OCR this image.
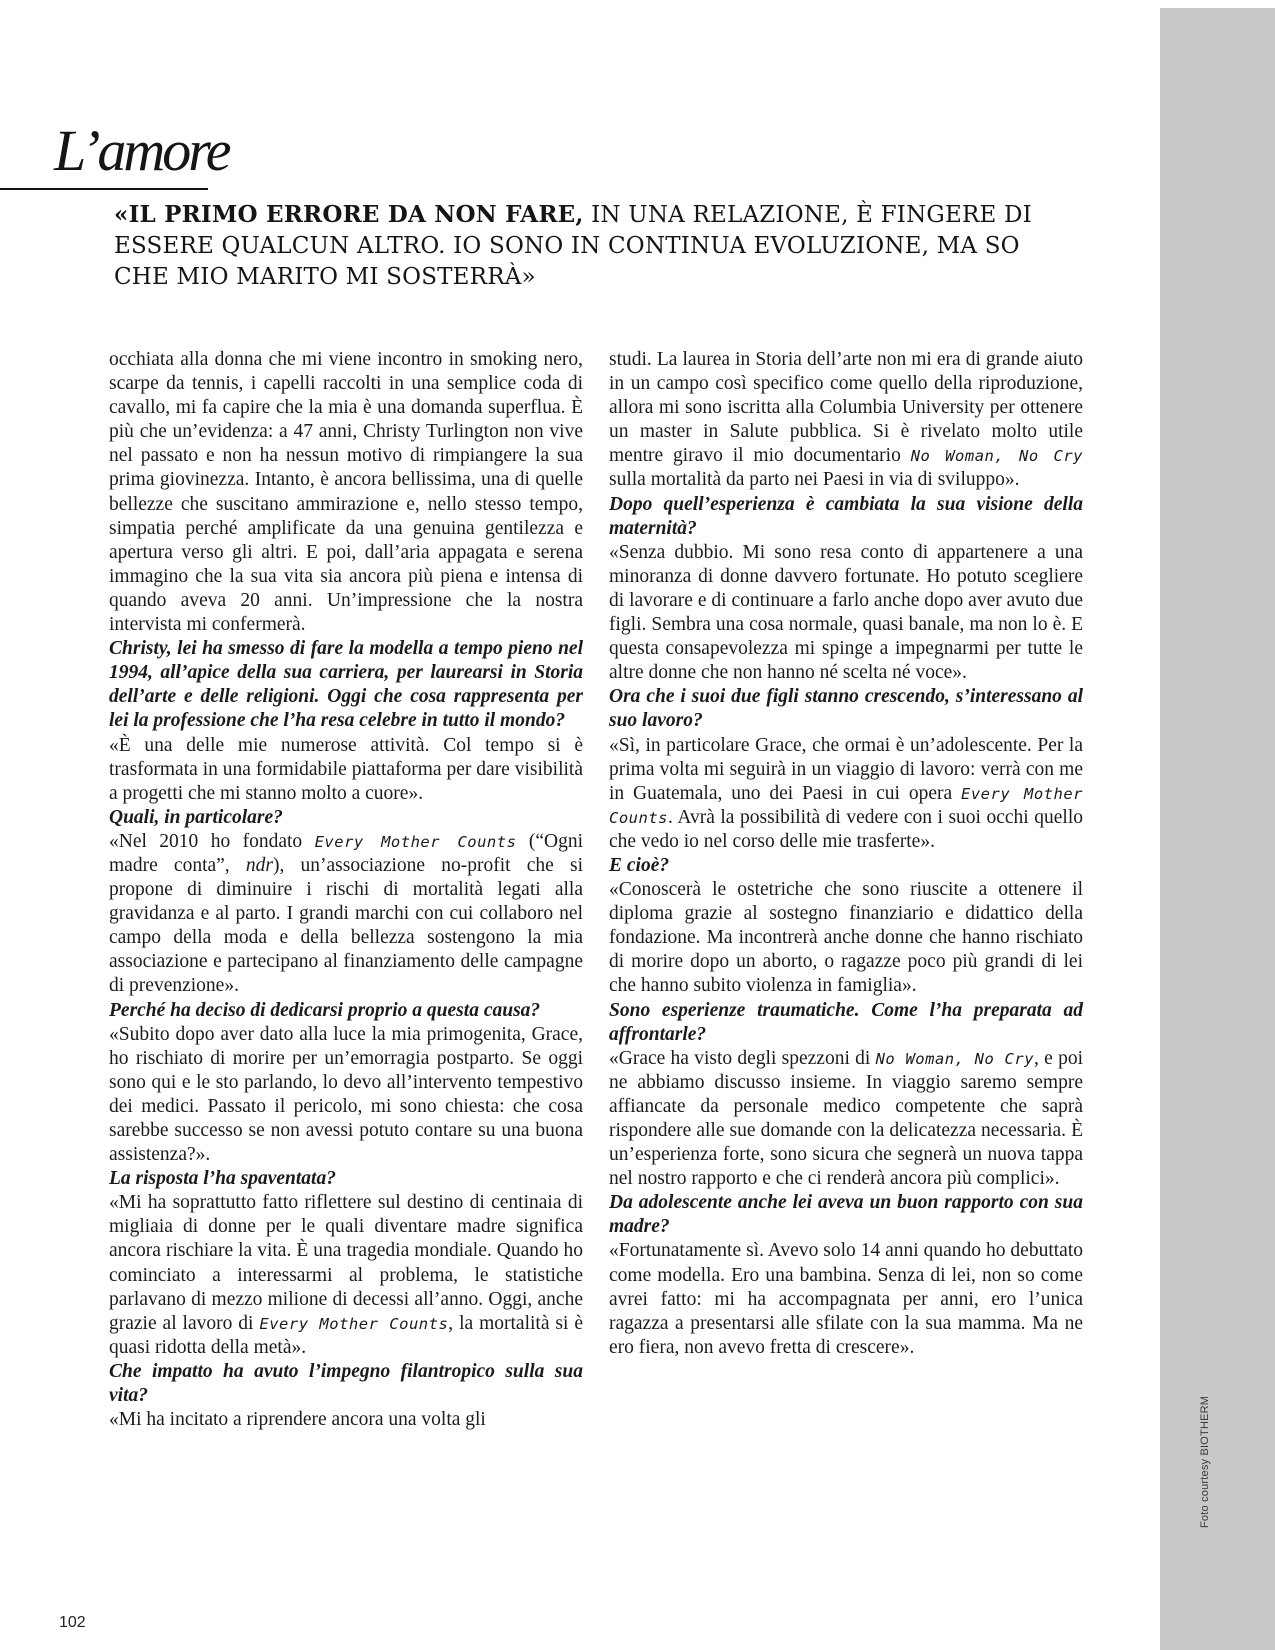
Foto courtesy BIOTHERM
L’amore

«IL PRIMO ERRORE DA NON FARE, IN UNA RELAZIONE, È FINGERE DI ESSERE QUALCUN ALTRO. IO SONO IN CONTINUA EVOLUZIONE, MA SO CHE MIO MARITO MI SOSTERRÀ»

occhiata alla donna che mi viene incontro in smoking nero, scarpe da tennis, i capelli raccolti in una semplice coda di cavallo, mi fa capire che la mia è una domanda superflua. È più che un’evidenza: a 47 anni, Christy Turlington non vive nel passato e non ha nessun motivo di rimpiangere la sua prima giovinezza. Intanto, è ancora bellissima, una di quelle bellezze che suscitano ammirazione e, nello stesso tempo, simpatia perché amplificate da una genuina gentilezza e apertura verso gli altri. E poi, dall’aria appagata e serena immagino che la sua vita sia ancora più piena e intensa di quando aveva 20 anni. Un’impressione che la nostra intervista mi confermerà.

Christy, lei ha smesso di fare la modella a tempo pieno nel 1994, all’apice della sua carriera, per laurearsi in Storia dell’arte e delle religioni. Oggi che cosa rappresenta per lei la professione che l’ha resa celebre in tutto il mondo?

«È una delle mie numerose attività. Col tempo si è trasformata in una formidabile piattaforma per dare visibilità a progetti che mi stanno molto a cuore».

Quali, in particolare?

«Nel 2010 ho fondato Every Mother Counts (“Ogni madre conta”, ndr), un’associazione no-profit che si propone di diminuire i rischi di mortalità legati alla gravidanza e al parto. I grandi marchi con cui collaboro nel campo della moda e della bellezza sostengono la mia associazione e partecipano al finanziamento delle campagne di prevenzione».

Perché ha deciso di dedicarsi proprio a questa causa?

«Subito dopo aver dato alla luce la mia primogenita, Grace, ho rischiato di morire per un’emorragia postparto. Se oggi sono qui e le sto parlando, lo devo all’intervento tempestivo dei medici. Passato il pericolo, mi sono chiesta: che cosa sarebbe successo se non avessi potuto contare su una buona assistenza?».

La risposta l’ha spaventata?

«Mi ha soprattutto fatto riflettere sul destino di centinaia di migliaia di donne per le quali diventare madre significa ancora rischiare la vita. È una tragedia mondiale. Quando ho cominciato a interessarmi al problema, le statistiche parlavano di mezzo milione di decessi all’anno. Oggi, anche grazie al lavoro di Every Mother Counts, la mortalità si è quasi ridotta della metà».

Che impatto ha avuto l’impegno filantropico sulla sua vita?

«Mi ha incitato a riprendere ancora una volta gli

studi. La laurea in Storia dell’arte non mi era di grande aiuto in un campo così specifico come quello della riproduzione, allora mi sono iscritta alla Columbia University per ottenere un master in Salute pubblica. Si è rivelato molto utile mentre giravo il mio documentario No Woman, No Cry sulla mortalità da parto nei Paesi in via di sviluppo».

Dopo quell’esperienza è cambiata la sua visione della maternità?

«Senza dubbio. Mi sono resa conto di appartenere a una minoranza di donne davvero fortunate. Ho potuto scegliere di lavorare e di continuare a farlo anche dopo aver avuto due figli. Sembra una cosa normale, quasi banale, ma non lo è. E questa consapevolezza mi spinge a impegnarmi per tutte le altre donne che non hanno né scelta né voce».

Ora che i suoi due figli stanno crescendo, s’interessano al suo lavoro?

«Sì, in particolare Grace, che ormai è un’adolescente. Per la prima volta mi seguirà in un viaggio di lavoro: verrà con me in Guatemala, uno dei Paesi in cui opera Every Mother Counts. Avrà la possibilità di vedere con i suoi occhi quello che vedo io nel corso delle mie trasferte».

E cioè?

«Conoscerà le ostetriche che sono riuscite a ottenere il diploma grazie al sostegno finanziario e didattico della fondazione. Ma incontrerà anche donne che hanno rischiato di morire dopo un aborto, o ragazze poco più grandi di lei che hanno subito violenza in famiglia».

Sono esperienze traumatiche. Come l’ha preparata ad affrontarle?

«Grace ha visto degli spezzoni di No Woman, No Cry, e poi ne abbiamo discusso insieme. In viaggio saremo sempre affiancate da personale medico competente che saprà rispondere alle sue domande con la delicatezza necessaria. È un’esperienza forte, sono sicura che segnerà un nuova tappa nel nostro rapporto e che ci renderà ancora più complici».

Da adolescente anche lei aveva un buon rapporto con sua madre?

«Fortunatamente sì. Avevo solo 14 anni quando ho debuttato come modella. Ero una bambina. Senza di lei, non so come avrei fatto: mi ha accompagnata per anni, ero l’unica ragazza a presentarsi alle sfilate con la sua mamma. Ma ne ero fiera, non avevo fretta di crescere».

102
